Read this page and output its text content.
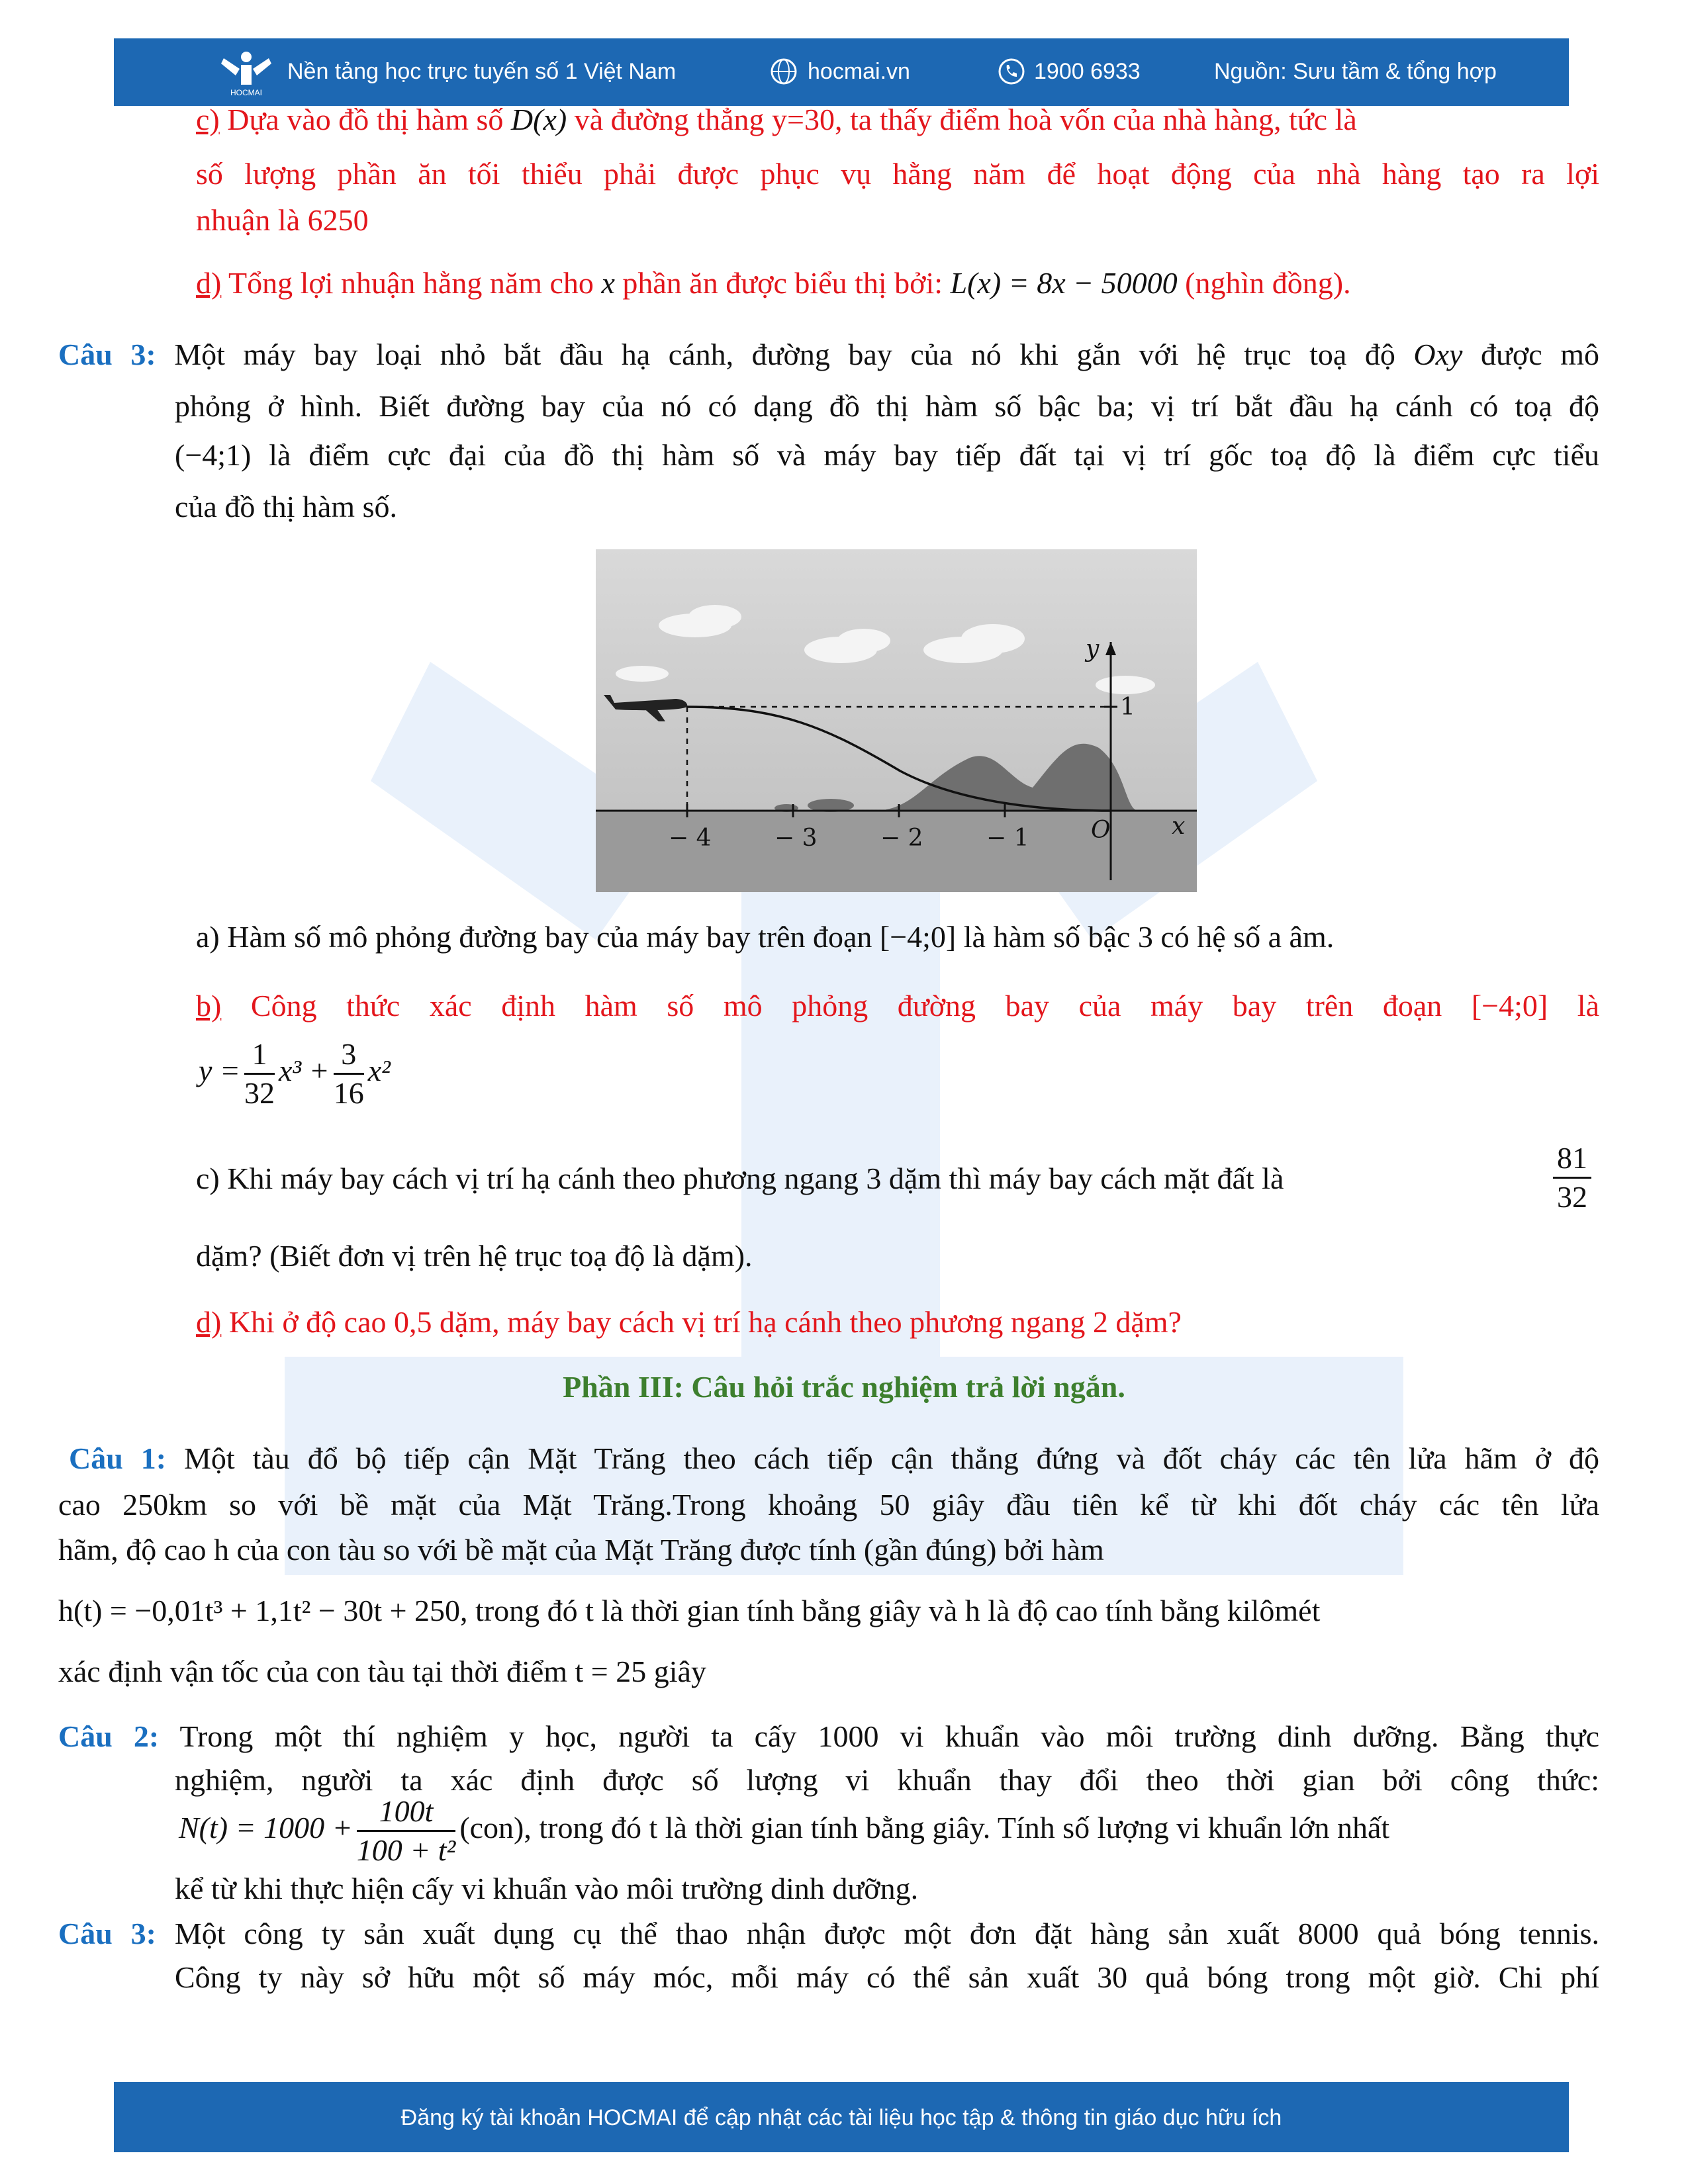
HOCMAI
Nền tảng học trực tuyến số 1 Việt Nam	hocmai.vn	1900 6933	Nguồn: Sưu tầm & tổng hợp
c) Dựa vào đồ thị hàm số D(x) và đường thẳng y=30, ta thấy điểm hoà vốn của nhà hàng, tức là
số lượng phần ăn tối thiểu phải được phục vụ hằng năm để hoạt động của nhà hàng tạo ra lợi
nhuận là 6250
d) Tổng lợi nhuận hằng năm cho x phần ăn được biểu thị bởi: L(x) = 8x − 50000 (nghìn đồng).
Câu 3: Một máy bay loại nhỏ bắt đầu hạ cánh, đường bay của nó khi gắn với hệ trục toạ độ Oxy được mô
phỏng ở hình. Biết đường bay của nó có dạng đồ thị hàm số bậc ba; vị trí bắt đầu hạ cánh có toạ độ
(−4;1) là điểm cực đại của đồ thị hàm số và máy bay tiếp đất tại vị trí gốc toạ độ là điểm cực tiểu
của đồ thị hàm số.
− 4	− 3	− 2	− 1	O	x
y
1
a) Hàm số mô phỏng đường bay của máy bay trên đoạn [−4;0] là hàm số bậc 3 có hệ số a âm.
b) Công thức xác định hàm số mô phỏng đường bay của máy bay trên đoạn [−4;0] là
$y = \frac{1}{32} x^3 + \frac{3}{16} x^2$
c) Khi máy bay cách vị trí hạ cánh theo phương ngang 3 dặm thì máy bay cách mặt đất là	$\frac{81}{32}$
dặm? (Biết đơn vị trên hệ trục toạ độ là dặm).
d) Khi ở độ cao 0,5 dặm, máy bay cách vị trí hạ cánh theo phương ngang 2 dặm?
Phần III: Câu hỏi trắc nghiệm trả lời ngắn.
Câu 1: Một tàu đổ bộ tiếp cận Mặt Trăng theo cách tiếp cận thẳng đứng và đốt cháy các tên lửa hãm ở độ
cao 250km so với bề mặt của Mặt Trăng.Trong khoảng 50 giây đầu tiên kể từ khi đốt cháy các tên lửa
hãm, độ cao h của con tàu so với bề mặt của Mặt Trăng được tính (gần đúng) bởi hàm
h(t) = −0,01t³ + 1,1t² − 30t + 250, trong đó t là thời gian tính bằng giây và h là độ cao tính bằng kilômét
xác định vận tốc của con tàu tại thời điểm t = 25 giây
Câu 2: Trong một thí nghiệm y học, người ta cấy 1000 vi khuẩn vào môi trường dinh dưỡng. Bằng thực
nghiệm, người ta xác định được số lượng vi khuẩn thay đổi theo thời gian bởi công thức:
$N(t) = 1000 + \frac{100t}{\text{100 + t²}} (con)$, trong đó t là thời gian tính bằng giây. Tính số lượng vi khuẩn lớn nhất
kể từ khi thực hiện cấy vi khuẩn vào môi trường dinh dưỡng.
Câu 3: Một công ty sản xuất dụng cụ thể thao nhận được một đơn đặt hàng sản xuất 8000 quả bóng tennis.
Công ty này sở hữu một số máy móc, mỗi máy có thể sản xuất 30 quả bóng trong một giờ. Chi phí
Đăng ký tài khoản HOCMAI để cập nhật các tài liệu học tập & thông tin giáo dục hữu ích
